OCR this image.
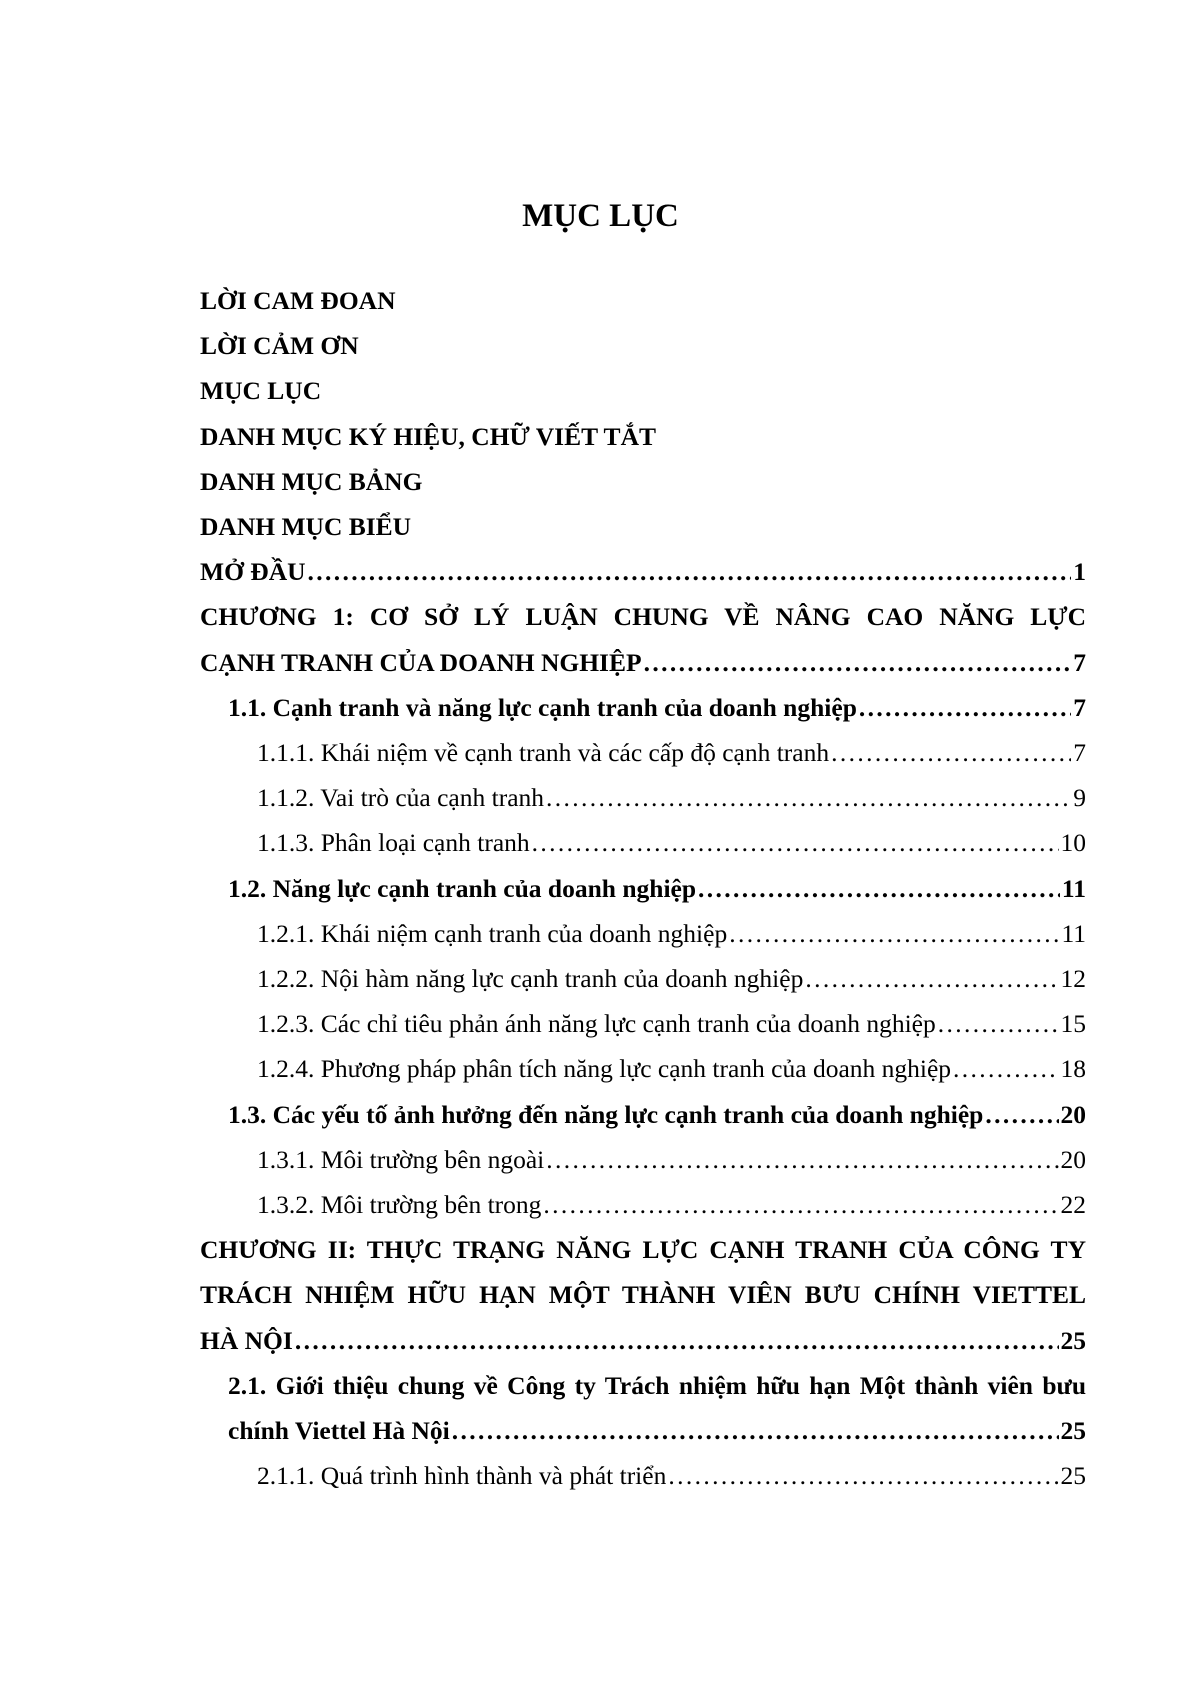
MỤC LỤC
LỜI CAM ĐOAN
LỜI CẢM ƠN
MỤC LỤC
DANH MỤC KÝ HIỆU, CHỮ VIẾT TẮT
DANH MỤC BẢNG
DANH MỤC BIỂU
MỞ ĐẦU . . .	1
CHƯƠNG 1: CƠ SỞ LÝ LUẬN CHUNG VỀ NÂNG CAO NĂNG LỰC
CẠNH TRANH CỦA DOANH NGHIỆP . . .	7
1.1. Cạnh tranh và năng lực cạnh tranh của doanh nghiệp . . .	7
1.1.1. Khái niệm về cạnh tranh và các cấp độ cạnh tranh . . .	7
1.1.2. Vai trò của cạnh tranh . . .	9
1.1.3. Phân loại cạnh tranh . . .	10
1.2. Năng lực cạnh tranh của doanh nghiệp . . .	11
1.2.1. Khái niệm cạnh tranh của doanh nghiệp . . .	11
1.2.2. Nội hàm năng lực cạnh tranh của doanh nghiệp . . .	12
1.2.3. Các chỉ tiêu phản ánh năng lực cạnh tranh của doanh nghiệp . . .	15
1.2.4. Phương pháp phân tích năng lực cạnh tranh của doanh nghiệp . . .	18
1.3. Các yếu tố ảnh hưởng đến năng lực cạnh tranh của doanh nghiệp . . .	20
1.3.1. Môi trường bên ngoài . . .	20
1.3.2. Môi trường bên trong . . .	22
CHƯƠNG II: THỰC TRẠNG NĂNG LỰC CẠNH TRANH CỦA CÔNG TY
TRÁCH NHIỆM HỮU HẠN MỘT THÀNH VIÊN BƯU CHÍNH VIETTEL
HÀ NỘI . . .	25
2.1. Giới thiệu chung về Công ty Trách nhiệm hữu hạn Một thành viên bưu
chính Viettel Hà Nội . . .	25
2.1.1. Quá trình hình thành và phát triển . . .	25
